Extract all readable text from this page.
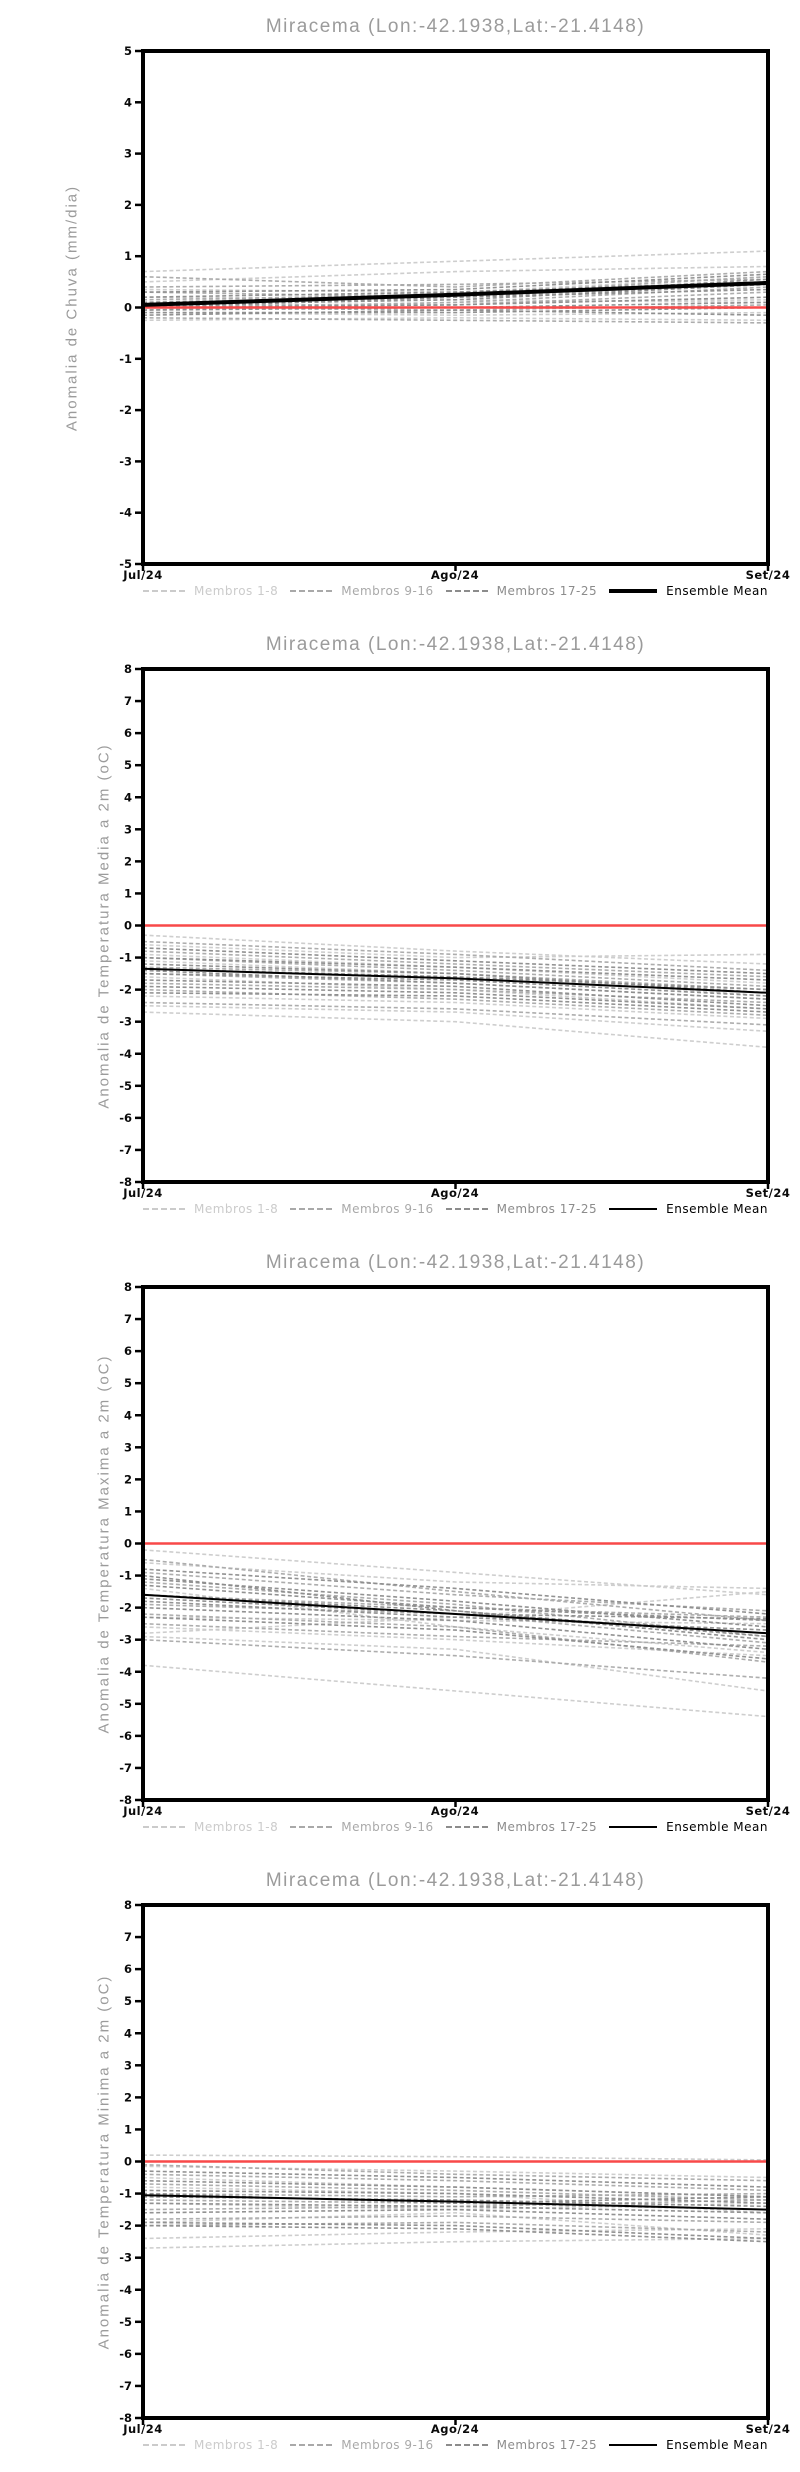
Miracema (Lon:-42.1938,Lat:-21.4148)
Anomalia de Chuva (mm/dia)
-5
-4
-3
-2
-1
0
1
2
3
4
5
Jul/24	Ago/24	Set/24
Membros 1-8	Membros 9-16	Membros 17-25	Ensemble Mean
Miracema (Lon:-42.1938,Lat:-21.4148)
Anomalia de Temperatura Media a 2m (oC)
-8
-7
-6
-5
-4
-3
-2
-1
0
1
2
3
4
5
6
7
8
Jul/24	Ago/24	Set/24
Membros 1-8	Membros 9-16	Membros 17-25	Ensemble Mean
Miracema (Lon:-42.1938,Lat:-21.4148)
Anomalia de Temperatura Maxima a 2m (oC)
-8
-7
-6
-5
-4
-3
-2
-1
0
1
2
3
4
5
6
7
8
Jul/24	Ago/24	Set/24
Membros 1-8	Membros 9-16	Membros 17-25	Ensemble Mean
Miracema (Lon:-42.1938,Lat:-21.4148)
Anomalia de Temperatura Minima a 2m (oC)
-8
-7
-6
-5
-4
-3
-2
-1
0
1
2
3
4
5
6
7
8
Jul/24	Ago/24	Set/24
Membros 1-8	Membros 9-16	Membros 17-25	Ensemble Mean
